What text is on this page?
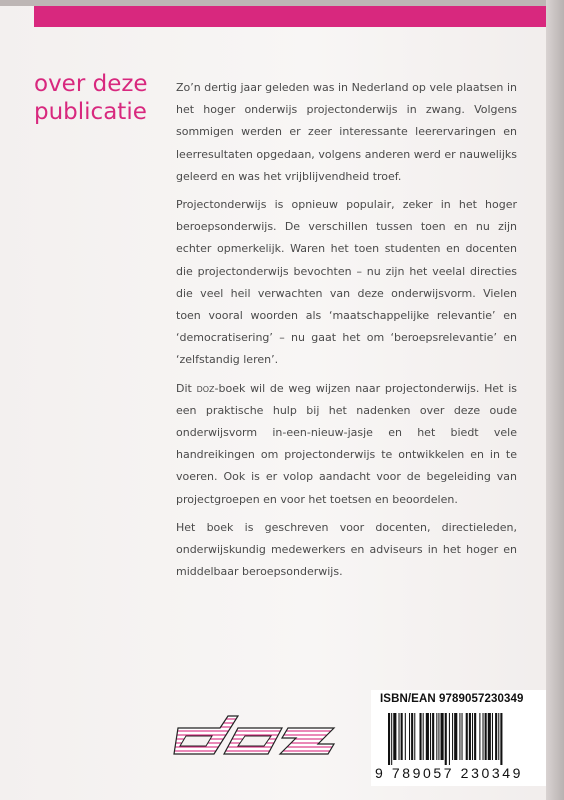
over deze
publicatie

Zo’n dertig jaar geleden was in Nederland op vele plaatsen in het hoger onderwijs projectonderwijs in zwang. Volgens sommigen werden er zeer interessante leerervaringen en leerresultaten opgedaan, volgens anderen werd er nauwelijks geleerd en was het vrijblijvendheid troef.

Projectonderwijs is opnieuw populair, zeker in het hoger beroepsonderwijs. De verschillen tussen toen en nu zijn echter opmerkelijk. Waren het toen studenten en docenten die projectonderwijs bevochten – nu zijn het veelal directies die veel heil verwachten van deze onderwijsvorm. Vielen toen vooral woorden als ‘maatschappelijke relevantie’ en ‘democratisering’ – nu gaat het om ‘beroepsrelevantie’ en ‘zelfstandig leren’.

Dit doz-boek wil de weg wijzen naar projectonderwijs. Het is een praktische hulp bij het nadenken over deze oude onderwijsvorm in-een-nieuw-jasje en het biedt vele handreikingen om projectonderwijs te ontwikkelen en in te voeren. Ook is er volop aandacht voor de begeleiding van projectgroepen en voor het toetsen en beoordelen.

Het boek is geschreven voor docenten, directieleden, onderwijskundig medewerkers en adviseurs in het hoger en middelbaar beroepsonderwijs.

ISBN/EAN 9789057230349
9 789057 230349
